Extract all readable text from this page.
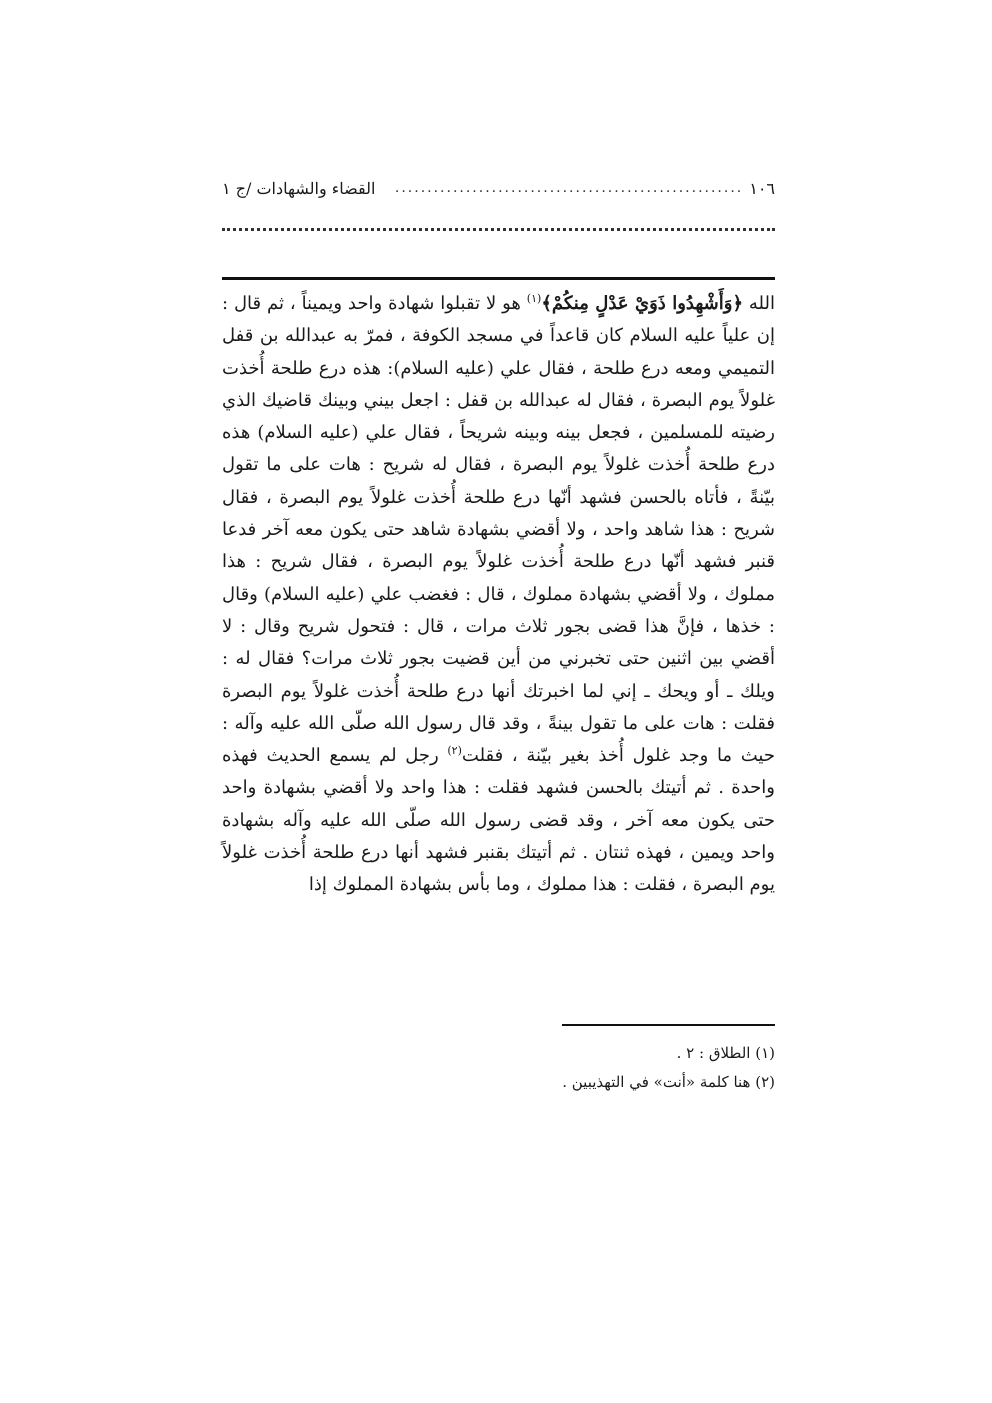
١٠٦
......................................................
القضاء والشهادات /ج ١

الله ﴿وَأَشْهِدُوا ذَوَيْ عَدْلٍ مِنكُمْ﴾$^{(١)}$ هو لا تقبلوا شهادة واحد ويميناً ، ثم قال : إن علياً عليه السلام كان قاعداً في مسجد الكوفة ، فمرّ به عبدالله بن قفل التميمي ومعه درع طلحة ، فقال علي (عليه السلام): هذه درع طلحة أُخذت غلولاً يوم البصرة ، فقال له عبدالله بن قفل : اجعل بيني وبينك قاضيك الذي رضيته للمسلمين ، فجعل بينه وبينه شريحاً ، فقال علي (عليه السلام) هذه درع طلحة أُخذت غلولاً يوم البصرة ، فقال له شريح : هات على ما تقول بيّنةً ، فأتاه بالحسن فشهد أنّها درع طلحة أُخذت غلولاً يوم البصرة ، فقال شريح : هذا شاهد واحد ، ولا أقضي بشهادة شاهد حتى يكون معه آخر فدعا قنبر فشهد أنّها درع طلحة أُخذت غلولاً يوم البصرة ، فقال شريح : هذا مملوك ، ولا أقضي بشهادة مملوك ، قال : فغضب علي (عليه السلام) وقال : خذها ، فإنَّ هذا قضى بجور ثلاث مرات ، قال : فتحول شريح وقال : لا أقضي بين اثنين حتى تخبرني من أين قضيت بجور ثلاث مرات؟ فقال له : ويلك ـ أو ويحك ـ إني لما اخبرتك أنها درع طلحة أُخذت غلولاً يوم البصرة فقلت : هات على ما تقول بينةً ، وقد قال رسول الله صلّى الله عليه وآله : حيث ما وجد غلول أُخذ بغير بيّنة ، فقلت$^{(٢)}$ رجل لم يسمع الحديث فهذه واحدة . ثم أتيتك بالحسن فشهد فقلت : هذا واحد ولا أقضي بشهادة واحد حتى يكون معه آخر ، وقد قضى رسول الله صلّى الله عليه وآله بشهادة واحد ويمين ، فهذه ثنتان . ثم أتيتك بقنبر فشهد أنها درع طلحة أُخذت غلولاً يوم البصرة ، فقلت : هذا مملوك ، وما بأس بشهادة المملوك إذا

(١) الطلاق : ٢ .
(٢) هنا كلمة «أنت» في التهذيبين .
